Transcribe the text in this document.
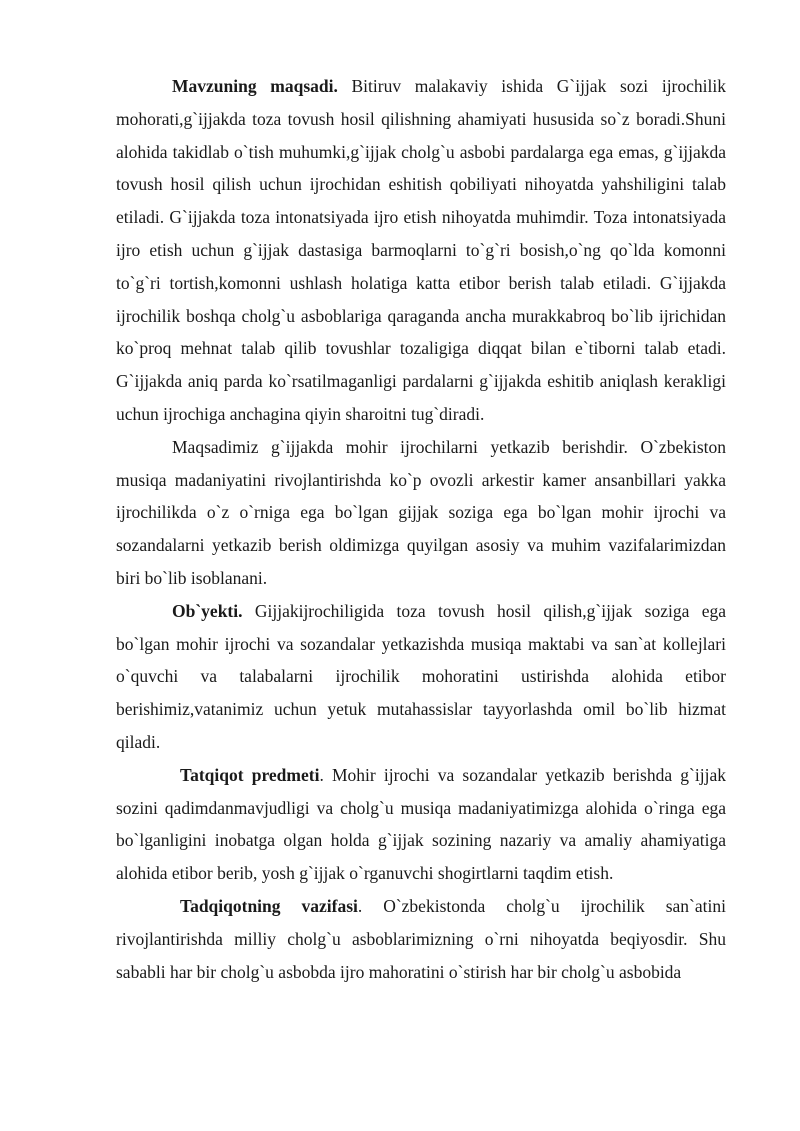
Mavzuning maqsadi. Bitiruv malakaviy ishida G`ijjak sozi ijrochilik mohorati,g`ijjakda toza tovush hosil qilishning ahamiyati hususida so`z boradi.Shuni alohida takidlab o`tish muhumki,g`ijjak cholg`u asbobi pardalarga ega emas, g`ijjakda tovush hosil qilish uchun ijrochidan eshitish qobiliyati nihoyatda yahshiligini talab etiladi. G`ijjakda toza intonatsiyada ijro etish nihoyatda muhimdir. Toza intonatsiyada ijro etish uchun g`ijjak dastasiga barmoqlarni to`g`ri bosish,o`ng qo`lda komonni to`g`ri tortish,komonni ushlash holatiga katta etibor berish talab etiladi. G`ijjakda ijrochilik boshqa cholg`u asboblariga qaraganda ancha murakkabroq bo`lib ijrichidan ko`proq mehnat talab qilib tovushlar tozaligiga diqqat bilan e`tiborni talab etadi. G`ijjakda aniq parda ko`rsatilmaganligi pardalarni g`ijjakda eshitib aniqlash kerakligi uchun ijrochiga anchagina qiyin sharoitni tug`diradi.

Maqsadimiz g`ijjakda mohir ijrochilarni yetkazib berishdir. O`zbekiston musiqa madaniyatini rivojlantirishda ko`p ovozli arkestir kamer ansanbillari yakka ijrochilikda o`z o`rniga ega bo`lgan gijjak soziga ega bo`lgan mohir ijrochi va sozandalarni yetkazib berish oldimizga quyilgan asosiy va muhim vazifalarimizdan biri bo`lib isoblanani.

Ob`yekti. Gijjakijrochiligida toza tovush hosil qilish,g`ijjak soziga ega bo`lgan mohir ijrochi va sozandalar yetkazishda musiqa maktabi va san`at kollejlari o`quvchi va talabalarni ijrochilik mohoratini ustirishda alohida etibor berishimiz,vatanimiz uchun yetuk mutahassislar tayyorlashda omil bo`lib hizmat qiladi.

Tatqiqot predmeti. Mohir ijrochi va sozandalar yetkazib berishda g`ijjak sozini qadimdanmavjudligi va cholg`u musiqa madaniyatimizga alohida o`ringa ega bo`lganligini inobatga olgan holda g`ijjak sozining nazariy va amaliy ahamiyatiga alohida etibor berib, yosh g`ijjak o`rganuvchi shogirtlarni taqdim etish.

Tadqiqotning vazifasi. O`zbekistonda cholg`u ijrochilik san`atini rivojlantirishda milliy cholg`u asboblarimizning o`rni nihoyatda beqiyosdir. Shu sababli har bir cholg`u asbobda ijro mahoratini o`stirish har bir cholg`u asbobida
